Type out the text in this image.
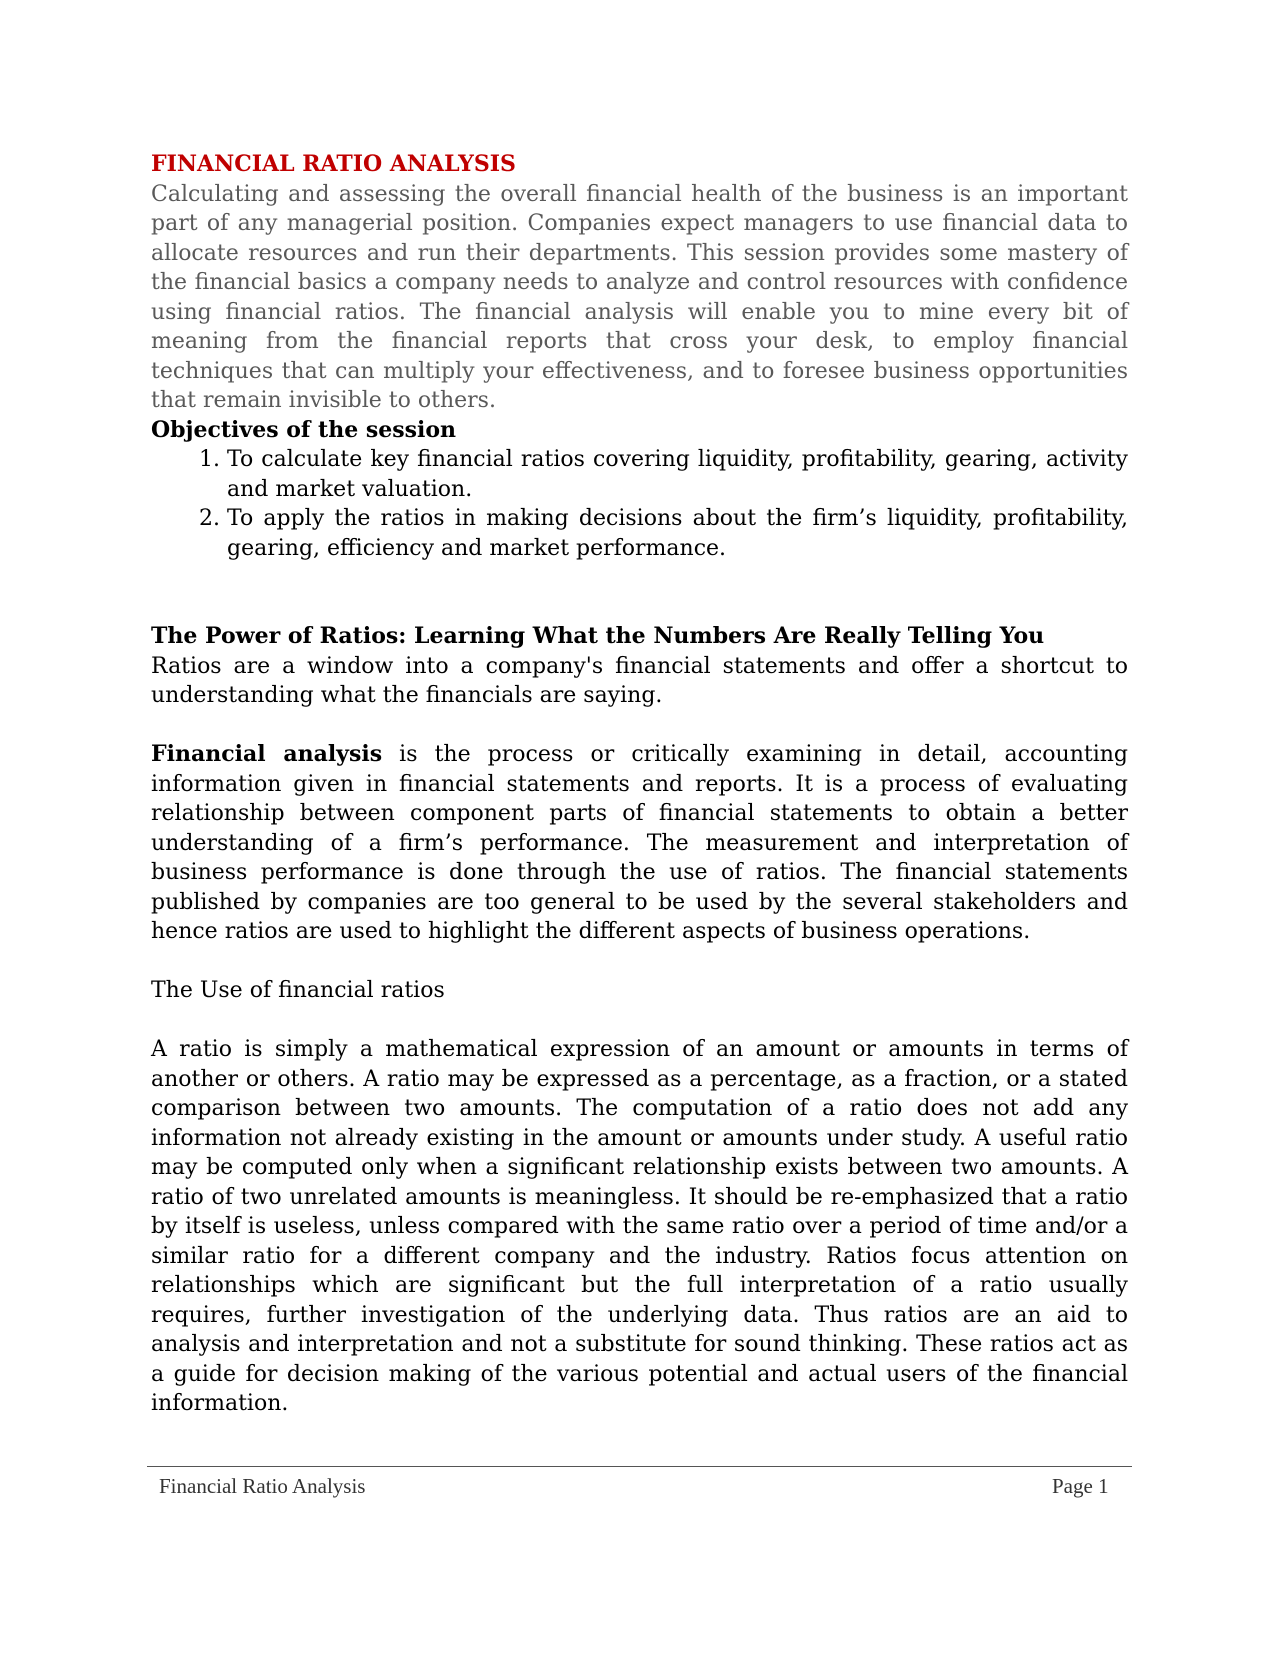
FINANCIAL RATIO ANALYSIS

Calculating and assessing the overall financial health of the business is an important part of any managerial position. Companies expect managers to use financial data to allocate resources and run their departments. This session provides some mastery of the financial basics a company needs to analyze and control resources with confidence using financial ratios. The financial analysis will enable you to mine every bit of meaning from the financial reports that cross your desk, to employ financial techniques that can multiply your effectiveness, and to foresee business opportunities that remain invisible to others.

Objectives of the session

1. To calculate key financial ratios covering liquidity, profitability, gearing, activity and market valuation.
2. To apply the ratios in making decisions about the firm’s liquidity, profitability, gearing, efficiency and market performance.

The Power of Ratios: Learning What the Numbers Are Really Telling You

Ratios are a window into a company's financial statements and offer a shortcut to understanding what the financials are saying.

Financial analysis is the process or critically examining in detail, accounting information given in financial statements and reports. It is a process of evaluating relationship between component parts of financial statements to obtain a better understanding of a firm’s performance. The measurement and interpretation of business performance is done through the use of ratios. The financial statements published by companies are too general to be used by the several stakeholders and hence ratios are used to highlight the different aspects of business operations.

The Use of financial ratios

A ratio is simply a mathematical expression of an amount or amounts in terms of another or others. A ratio may be expressed as a percentage, as a fraction, or a stated comparison between two amounts. The computation of a ratio does not add any information not already existing in the amount or amounts under study. A useful ratio may be computed only when a significant relationship exists between two amounts. A ratio of two unrelated amounts is meaningless. It should be re-emphasized that a ratio by itself is useless, unless compared with the same ratio over a period of time and/or a similar ratio for a different company and the industry. Ratios focus attention on relationships which are significant but the full interpretation of a ratio usually requires, further investigation of the underlying data. Thus ratios are an aid to analysis and interpretation and not a substitute for sound thinking. These ratios act as a guide for decision making of the various potential and actual users of the financial information.

Financial Ratio Analysis	Page 1
